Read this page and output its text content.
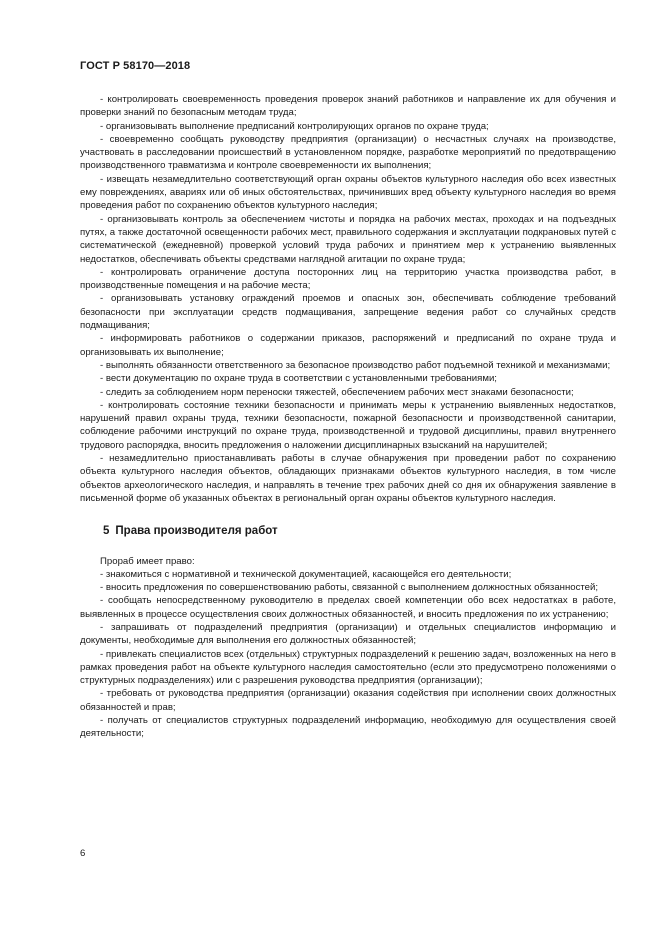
ГОСТ Р 58170—2018

- контролировать своевременность проведения проверок знаний работников и направление их для обучения и проверки знаний по безопасным методам труда;

- организовывать выполнение предписаний контролирующих органов по охране труда;

- своевременно сообщать руководству предприятия (организации) о несчастных случаях на производстве, участвовать в расследовании происшествий в установленном порядке, разработке мероприятий по предотвращению производственного травматизма и контроле своевременности их выполнения;

- извещать незамедлительно соответствующий орган охраны объектов культурного наследия обо всех известных ему повреждениях, авариях или об иных обстоятельствах, причинивших вред объекту культурного наследия во время проведения работ по сохранению объектов культурного наследия;

- организовывать контроль за обеспечением чистоты и порядка на рабочих местах, проходах и на подъездных путях, а также достаточной освещенности рабочих мест, правильного содержания и эксплуатации подкрановых путей с систематической (ежедневной) проверкой условий труда рабочих и принятием мер к устранению выявленных недостатков, обеспечивать объекты средствами наглядной агитации по охране труда;

- контролировать ограничение доступа посторонних лиц на территорию участка производства работ, в производственные помещения и на рабочие места;

- организовывать установку ограждений проемов и опасных зон, обеспечивать соблюдение требований безопасности при эксплуатации средств подмащивания, запрещение ведения работ со случайных средств подмащивания;

- информировать работников о содержании приказов, распоряжений и предписаний по охране труда и организовывать их выполнение;

- выполнять обязанности ответственного за безопасное производство работ подъемной техникой и механизмами;

- вести документацию по охране труда в соответствии с установленными требованиями;

- следить за соблюдением норм переноски тяжестей, обеспечением рабочих мест знаками безопасности;

- контролировать состояние техники безопасности и принимать меры к устранению выявленных недостатков, нарушений правил охраны труда, техники безопасности, пожарной безопасности и производственной санитарии, соблюдение рабочими инструкций по охране труда, производственной и трудовой дисциплины, правил внутреннего трудового распорядка, вносить предложения о наложении дисциплинарных взысканий на нарушителей;

- незамедлительно приостанавливать работы в случае обнаружения при проведении работ по сохранению объекта культурного наследия объектов, обладающих признаками объектов культурного наследия, в том числе объектов археологического наследия, и направлять в течение трех рабочих дней со дня их обнаружения заявление в письменной форме об указанных объектах в региональный орган охраны объектов культурного наследия.

5 Права производителя работ

Прораб имеет право:

- знакомиться с нормативной и технической документацией, касающейся его деятельности;

- вносить предложения по совершенствованию работы, связанной с выполнением должностных обязанностей;

- сообщать непосредственному руководителю в пределах своей компетенции обо всех недостатках в работе, выявленных в процессе осуществления своих должностных обязанностей, и вносить предложения по их устранению;

- запрашивать от подразделений предприятия (организации) и отдельных специалистов информацию и документы, необходимые для выполнения его должностных обязанностей;

- привлекать специалистов всех (отдельных) структурных подразделений к решению задач, возложенных на него в рамках проведения работ на объекте культурного наследия самостоятельно (если это предусмотрено положениями о структурных подразделениях) или с разрешения руководства предприятия (организации);

- требовать от руководства предприятия (организации) оказания содействия при исполнении своих должностных обязанностей и прав;

- получать от специалистов структурных подразделений информацию, необходимую для осуществления своей деятельности;

6
